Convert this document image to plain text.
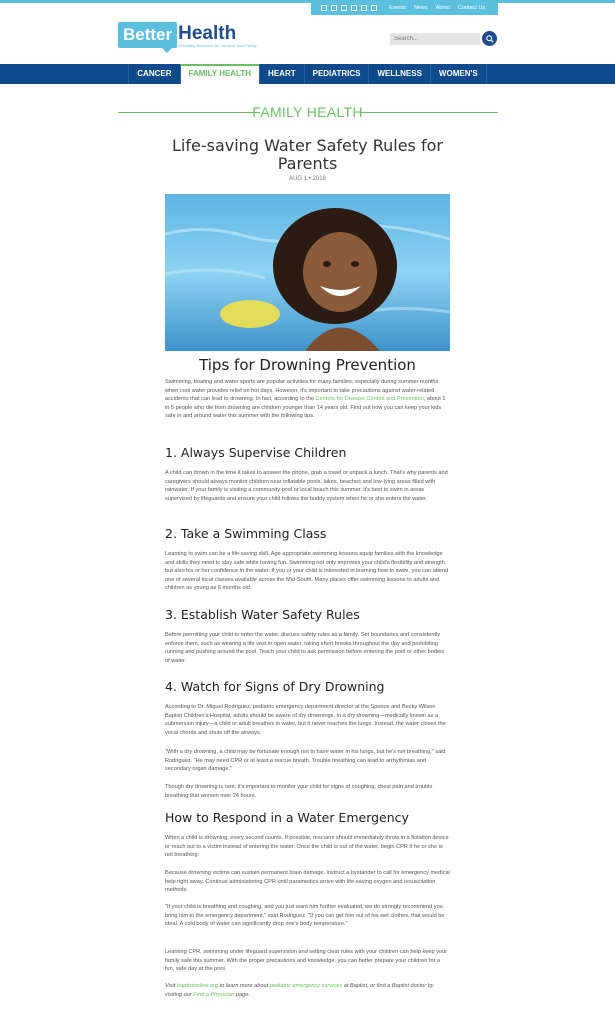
Events News About Contact Us
Better Health
A Healthy Resource for You and Your Family
Search...
CANCER	FAMILY HEALTH	HEART	PEDIATRICS	WELLNESS	WOMEN'S
FAMILY HEALTH
Life-saving Water Safety Rules for Parents
AUG 1 • 2018
Tips for Drowning Prevention

Swimming, boating and water sports are popular activities for many families, especially during summer months when cool water provides relief on hot days. However, it's important to take precautions against water-related accidents that can lead to drowning. In fact, according to the Centers for Disease Control and Prevention, about 1 in 5 people who die from drowning are children younger than 14 years old. Find out how you can keep your kids safe in and around water this summer with the following tips.

1. Always Supervise Children

A child can drown in the time it takes to answer the phone, grab a towel or unpack a lunch. That's why parents and caregivers should always monitor children near inflatable pools, lakes, beaches and low-lying areas filled with rainwater. If your family is visiting a community pool or local beach this summer, it's best to swim in areas supervised by lifeguards and ensure your child follows the buddy system when he or she enters the water.

2. Take a Swimming Class

Learning to swim can be a life-saving skill. Age-appropriate swimming lessons equip families with the knowledge and skills they need to stay safe while having fun. Swimming not only improves your child's flexibility and strength but also his or her confidence in the water. If you or your child is interested in learning how to swim, you can attend one of several local classes available across the Mid-South. Many places offer swimming lessons to adults and children as young as 6 months old.

3. Establish Water Safety Rules

Before permitting your child to enter the water, discuss safety rules as a family. Set boundaries and consistently enforce them, such as wearing a life vest in open water, taking short breaks throughout the day and prohibiting running and pushing around the pool. Teach your child to ask permission before entering the pool or other bodies of water.

4. Watch for Signs of Dry Drowning

According to Dr. Miguel Rodriguez, pediatric emergency department director at the Spence and Becky Wilson Baptist Children's Hospital, adults should be aware of dry drownings. In a dry drowning—medically known as a submersion injury—a child or adult breathes in water, but it never reaches the lungs. Instead, the water closes the vocal chords and shuts off the airways.

"With a dry drowning, a child may be fortunate enough not to have water in his lungs, but he's not breathing," said Rodriguez. "He may need CPR or at least a rescue breath. Trouble breathing can lead to arrhythmias and secondary organ damage."

Though dry drowning is rare, it's important to monitor your child for signs of coughing, chest pain and trouble breathing that worsen over 24 hours.

How to Respond in a Water Emergency

When a child is drowning, every second counts. If possible, rescuers should immediately throw in a flotation device or reach out to a victim instead of entering the water. Once the child is out of the water, begin CPR if he or she is not breathing.

Because drowning victims can sustain permanent brain damage, instruct a bystander to call for emergency medical help right away. Continue administering CPR until paramedics arrive with life-saving oxygen and resuscitation methods.

"If your child is breathing and coughing, and you just want him further evaluated, we do strongly recommend you bring him to the emergency department," said Rodriguez. "If you can get him out of his wet clothes, that would be ideal. A cold body of water can significantly drop one's body temperature."

Learning CPR, swimming under lifeguard supervision and setting clear rules with your children can help keep your family safe this summer. With the proper precautions and knowledge, you can better prepare your children for a fun, safe day at the pool.

Visit baptistonline.org to learn more about pediatric emergency services at Baptist, or find a Baptist doctor by visiting our Find a Physician page.
